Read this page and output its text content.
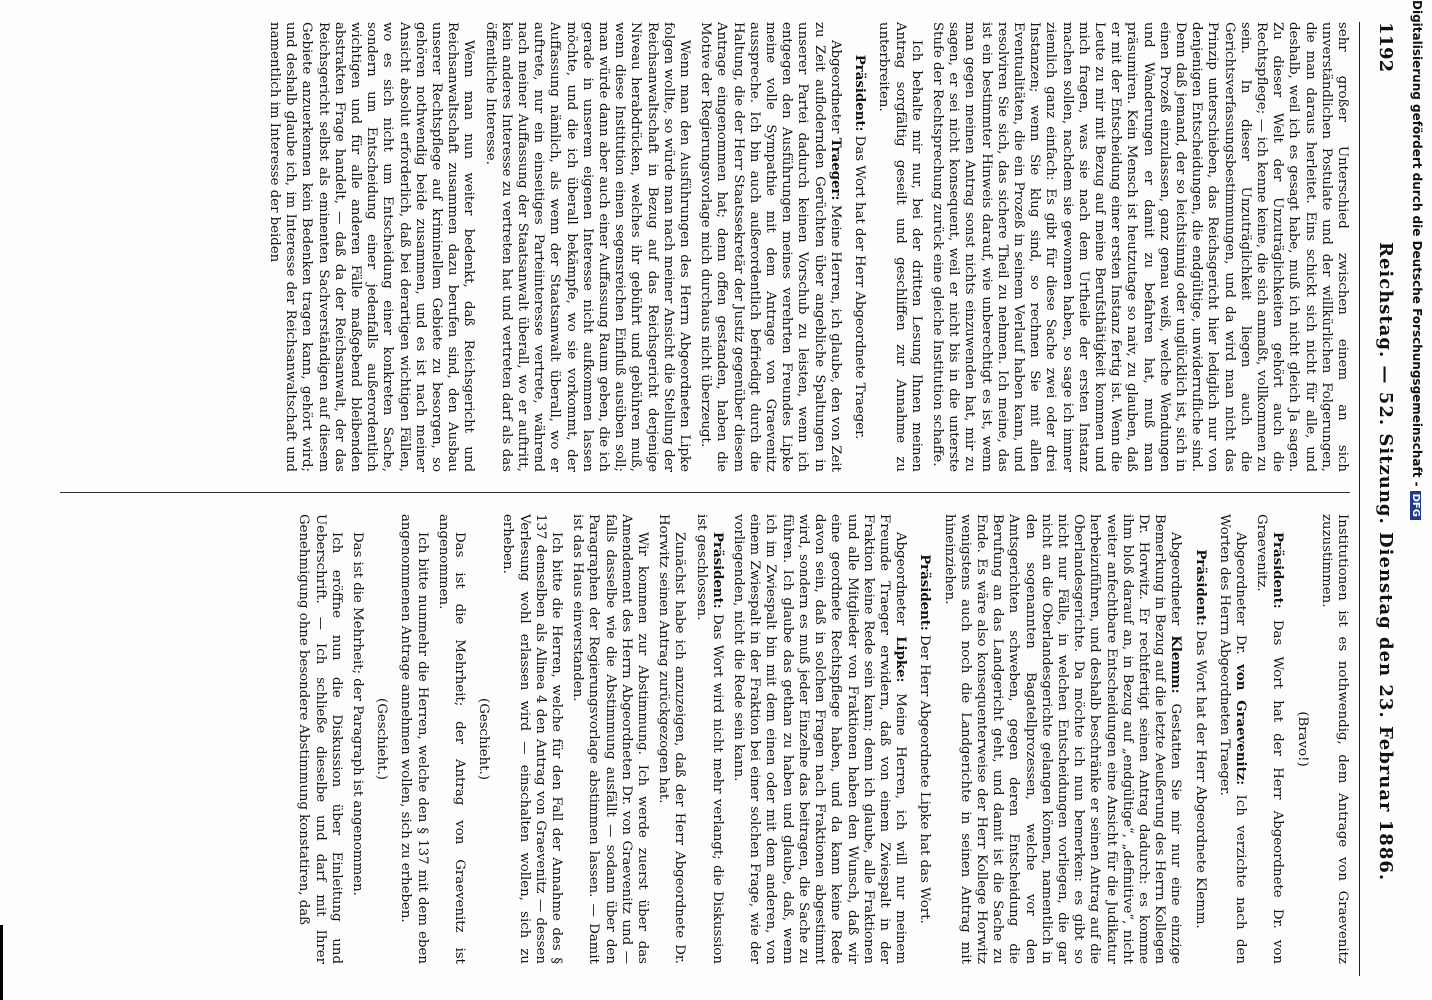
1192
Reichstag. — 52. Sitzung. Dienstag den 23. Februar 1886.

sehr großer Unterschied zwischen einem an sich unverständlichen Postulate und der willkürlichen Folgerungen, die man daraus herleitet. Eins schickt sich nicht für alle, und deshalb, weil ich es gesagt habe, muß ich nicht gleich Ja sagen. Zu dieser Welt der Unzuträglichkeiten gehört auch die Rechtspflege; — ich kenne keine, die sich anmaßt, vollkommen zu sein. In dieser Unzuträglichkeit liegen auch die Gerichtsverfassungsbestimmungen, und da wird man nicht das Prinzip unterschieben, das Reichsgericht hier lediglich nur von denjenigen Entscheidungen, die endgültige, unwiderrufliche sind. Denn daß jemand, der so leichtsinnig oder unglücklich ist, sich in einen Prozeß einzulassen, ganz genau weiß, welche Wendungen und Wanderungen er damit zu befahren hat, muß man präsumiren. Kein Mensch ist heutzutage so naiv, zu glauben, daß er mit der Entscheidung einer ersten Instanz fertig ist. Wenn die Leute zu mir mit Bezug auf meine Berufsthätigkeit kommen und mich fragen, was sie nach dem Urtheile der ersten Instanz machen sollen, nachdem sie gewonnen haben, so sage ich immer ziemlich ganz einfach: Es gibt für diese Sache zwei oder drei Instanzen; wenn Sie klug sind, so rechnen Sie mit allen Eventualitäten, die ein Prozeß in seinem Verlauf haben kann, und resolviren Sie sich, das sichere Theil zu nehmen. Ich meine, das ist ein bestimmter Hinweis darauf, wie unberechtigt es ist, wenn man gegen meinen Antrag sonst nichts einzuwenden hat, mir zu sagen, er sei nicht konsequent, weil er nicht bis in die unterste Stufe der Rechtsprechung zurück eine gleiche Institution schaffe.

Ich behalte mir nur, bei der dritten Lesung Ihnen meinen Antrag sorgfältig geseilt und geschliffen zur Annahme zu unterbreiten.

Präsident: Das Wort hat der Herr Abgeordnete Traeger.

Abgeordneter Traeger: Meine Herren, ich glaube, den von Zeit zu Zeit auflodernden Gerüchten über angebliche Spaltungen in unserer Partei dadurch keinen Vorschub zu leisten, wenn ich entgegen den Ausführungen meines verehrten Freundes Lipke meine volle Sympathie mit dem Antrage von Graevenitz ausspreche. Ich bin auch außerordentlich befriedigt durch die Haltung, die der Herr Staatssekretär der Justiz gegenüber diesem Antrage eingenommen hat; denn offen gestanden, haben die Motive der Regierungsvorlage mich durchaus nicht überzeugt.

Wenn man den Ausführungen des Herrn Abgeordneten Lipke folgen wollte, so würde man nach meiner Ansicht die Stellung der Reichsanwaltschaft in Bezug auf das Reichsgericht derjenige Niveau herabdrücken, welches ihr gebührt und gebühren muß, wenn diese Institution einen segensreichen Einfluß ausüben soll; man würde dann aber auch einer Auffassung Raum geben, die ich gerade in unserem eigenen Interesse nicht aufkommen lassen möchte, und die ich überall bekämpfe, wo sie vorkommt, der Auffassung nämlich, als wenn der Staatsanwalt überall, wo er auftrete, nur ein einseitiges Parteiinteresse vertrete, während nach meiner Auffassung der Staatsanwalt überall, wo er auftritt, kein anderes Interesse zu vertreten hat und vertreten darf als das öffentliche Interesse.

Wenn man nun weiter bedenkt, daß Reichsgericht und Reichsanwaltschaft zusammen dazu berufen sind, den Ausbau unserer Rechtspflege auf kriminellem Gebiete zu besorgen, so gehören nothwendig beide zusammen, und es ist nach meiner Ansicht absolut erforderlich, daß bei derartigen wichtigen Fällen, wo es sich nicht um Entscheidung einer konkreten Sache, sondern um Entscheidung einer jedenfalls außerordentlich wichtigen und für alle anderen Fälle maßgebend bleibenden abstrakten Frage handelt, — daß da der Reichsanwalt, der das Reichsgericht selbst als eminenten Sachverständigen auf diesem Gebiete anzuerkennen kein Bedenken tragen kann, gehört wird; und deshalb glaube ich, im Interesse der Reichsanwaltschaft und namentlich im Interesse der beiden

Institutionen ist es nothwendig, dem Antrage von Graevenitz zuzustimmen.

(Bravo!)

Präsident: Das Wort hat der Herr Abgeordnete Dr. von Graevenitz.

Abgeordneter Dr. von Graevenitz: Ich verzichte nach den Worten des Herrn Abgeordneten Traeger.

Präsident: Das Wort hat der Herr Abgeordnete Klemm.

Abgeordneter Klemm: Gestatten Sie mir nur eine einzige Bemerkung in Bezug auf die letzte Aeußerung des Herrn Kollegen Dr. Horwitz. Er rechtfertigt seinen Antrag dadurch: es komme ihm bloß darauf an, in Bezug auf „endgültige“, „definitive“, nicht weiter anfechtbare Entscheidungen eine Ansicht für die Judikatur herbeizuführen, und deshalb beschränke er seinen Antrag auf die Oberlandesgerichte. Da möchte ich nun bemerken: es gibt so nicht nur Fälle, in welchen Entscheidungen vorliegen, die gar nicht an die Oberlandesgerichte gelangen können, namentlich in den sogenannten Bagatellprozessen, welche vor den Amtsgerichten schweben, gegen deren Entscheidung die Berufung an das Landgericht geht, und damit ist die Sache zu Ende. Es wäre also konsequenterweise der Herr Kollege Horwitz wenigstens auch noch die Landgerichte in seinen Antrag mit hineinziehen.

Präsident: Der Herr Abgeordnete Lipke hat das Wort.

Abgeordneter Lipke: Meine Herren, ich will nur meinem Freunde Traeger erwidern, daß von einem Zwiespalt in der Fraktion keine Rede sein kann; denn ich glaube, alle Fraktionen und alle Mitglieder von Fraktionen haben den Wunsch, daß wir eine geordnete Rechtspflege haben, und da kann keine Rede davon sein, daß in solchen Fragen nach Fraktionen abgestimmt wird, sondern es muß jeder Einzelne das beitragen, die Sache zu führen. Ich glaube das gethan zu haben und glaube, daß, wenn ich im Zwiespalt bin mit dem einen oder mit dem anderen, von einem Zwiespalt in der Fraktion bei einer solchen Frage, wie der vorliegenden, nicht die Rede sein kann.

Präsident: Das Wort wird nicht mehr verlangt; die Diskussion ist geschlossen.

Zunächst habe ich anzuzeigen, daß der Herr Abgeordnete Dr. Horwitz seinen Antrag zurückgezogen hat.

Wir kommen zur Abstimmung. Ich werde zuerst über das Amendement des Herrn Abgeordneten Dr. von Graevenitz und — falls dasselbe wie die Abstimmung ausfällt — sodann über den Paragraphen der Regierungsvorlage abstimmen lassen. — Damit ist das Haus einverstanden.

Ich bitte die Herren, welche für den Fall der Annahme des § 137 demselben als Alinea 4 den Antrag von Graevenitz — dessen Verlesung wohl erlassen wird — einschalten wollen, sich zu erheben.

(Geschieht.)

Das ist die Mehrheit; der Antrag von Graevenitz ist angenommen.

Ich bitte nunmehr die Herren, welche den § 137 mit dem eben angenommenen Antrage annehmen wollen, sich zu erheben.

(Geschieht.)

Das ist die Mehrheit; der Paragraph ist angenommen.

Ich eröffne nun die Diskussion über Einleitung und Ueberschrift. — Ich schließe dieselbe und darf mit Ihrer Genehmigung ohne besondere Abstimmung konstatiren, daß

Digitalisierung gefördert durch die Deutsche Forschungsgemeinschaft -DFG
